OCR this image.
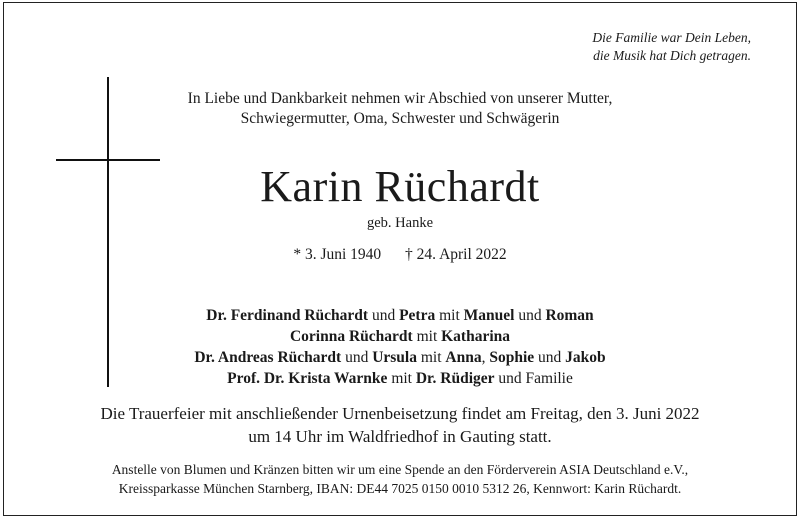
Die Familie war Dein Leben,
die Musik hat Dich getragen.
In Liebe und Dankbarkeit nehmen wir Abschied von unserer Mutter,
Schwiegermutter, Oma, Schwester und Schwägerin
Karin Rüchardt
geb. Hanke
* 3. Juni 1940 † 24. April 2022
Dr. Ferdinand Rüchardt und Petra mit Manuel und Roman
Corinna Rüchardt mit Katharina
Dr. Andreas Rüchardt und Ursula mit Anna, Sophie und Jakob
Prof. Dr. Krista Warnke mit Dr. Rüdiger und Familie
Die Trauerfeier mit anschließender Urnenbeisetzung findet am Freitag, den 3. Juni 2022
um 14 Uhr im Waldfriedhof in Gauting statt.
Anstelle von Blumen und Kränzen bitten wir um eine Spende an den Förderverein ASIA Deutschland e.V.,
Kreissparkasse München Starnberg, IBAN: DE44 7025 0150 0010 5312 26, Kennwort: Karin Rüchardt.
